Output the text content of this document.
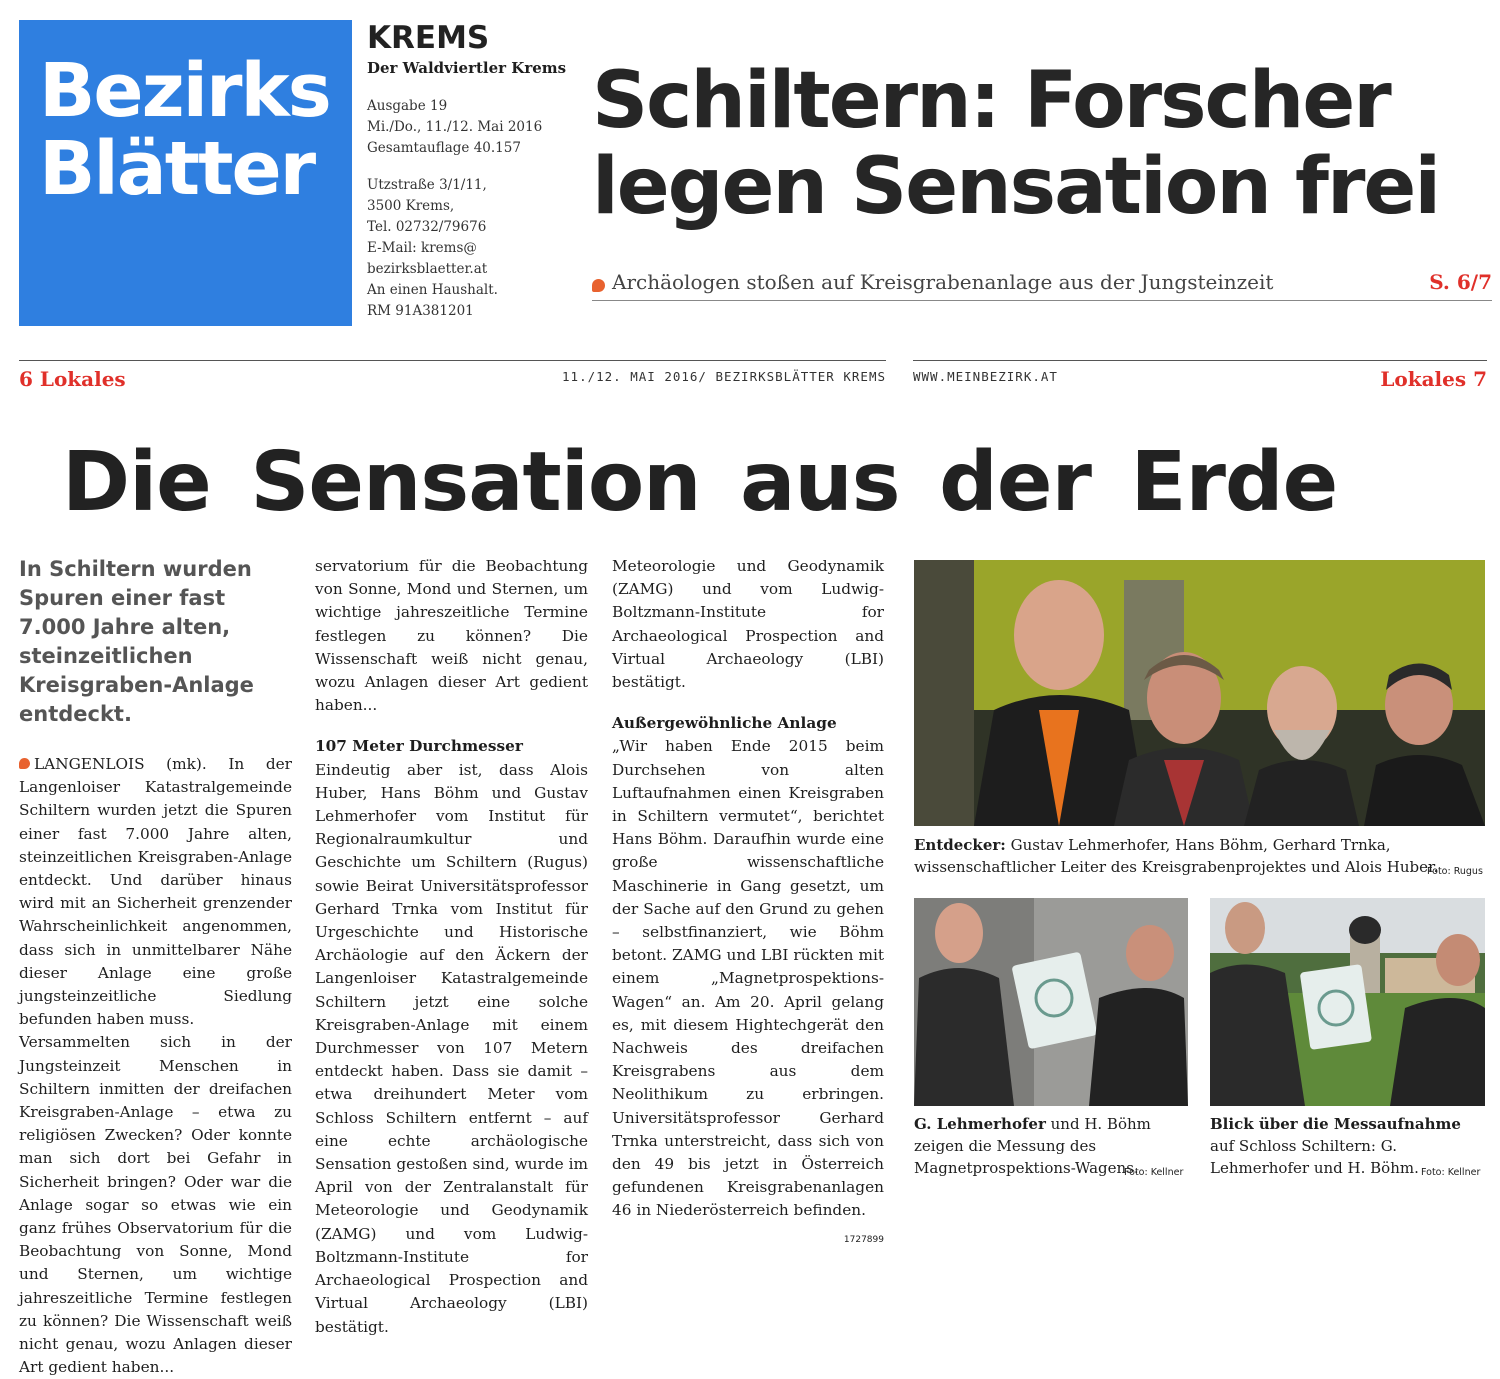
Bezirks
Blätter
KREMS
Der Waldviertler Krems
Ausgabe 19
Mi./Do., 11./12. Mai 2016
Gesamtauflage 40.157
Utzstraße 3/1/11,
3500 Krems,
Tel. 02732/79676
E-Mail: krems@
bezirksblaetter.at
An einen Haushalt.
RM 91A381201
Schiltern: Forscher
legen Sensation frei
Archäologen stoßen auf Kreisgrabenanlage aus der Jungsteinzeit	S. 6/7
6 Lokales	11./12. MAI 2016/ BEZIRKSBLÄTTER KREMS WWW.MEINBEZIRK.AT	Lokales 7
Die Sensation aus der Erde

In Schiltern wurden Spuren einer fast 7.000 Jahre alten, steinzeitlichen Kreisgraben-Anlage entdeckt.

LANGENLOIS (mk). In der Langenloiser Katastralgemeinde Schiltern wurden jetzt die Spuren einer fast 7.000 Jahre alten, steinzeitlichen Kreisgraben-Anlage entdeckt. Und darüber hinaus wird mit an Sicherheit grenzender Wahrscheinlichkeit angenommen, dass sich in unmittelbarer Nähe dieser Anlage eine große jungsteinzeitliche Siedlung befunden haben muss.

Versammelten sich in der Jungsteinzeit Menschen in Schiltern inmitten der dreifachen Kreisgraben-Anlage – etwa zu religiösen Zwecken? Oder konnte man sich dort bei Gefahr in Sicherheit bringen? Oder war die Anlage sogar so etwas wie ein ganz frühes Observatorium für die Beobachtung von Sonne, Mond und Sternen, um wichtige jahreszeitliche Termine festlegen zu können? Die Wissenschaft weiß nicht genau, wozu Anlagen dieser Art gedient haben...

servatorium für die Beobachtung von Sonne, Mond und Sternen, um wichtige jahreszeitliche Termine festlegen zu können? Die Wissenschaft weiß nicht genau, wozu Anlagen dieser Art gedient haben...

107 Meter Durchmesser

Eindeutig aber ist, dass Alois Huber, Hans Böhm und Gustav Lehmerhofer vom Institut für Regionalraumkultur und Geschichte um Schiltern (Rugus) sowie Beirat Universitätsprofessor Gerhard Trnka vom Institut für Urgeschichte und Historische Archäologie auf den Äckern der Langenloiser Katastralgemeinde Schiltern jetzt eine solche Kreisgraben-Anlage mit einem Durchmesser von 107 Metern entdeckt haben. Dass sie damit – etwa dreihundert Meter vom Schloss Schiltern entfernt – auf eine echte archäologische Sensation gestoßen sind, wurde im April von der Zentralanstalt für Meteorologie und Geodynamik (ZAMG) und vom Ludwig-Boltzmann-Institute for Archaeological Prospection and Virtual Archaeology (LBI) bestätigt.

Meteorologie und Geodynamik (ZAMG) und vom Ludwig-Boltzmann-Institute for Archaeological Prospection and Virtual Archaeology (LBI) bestätigt.

Außergewöhnliche Anlage

„Wir haben Ende 2015 beim Durchsehen von alten Luftaufnahmen einen Kreisgraben in Schiltern vermutet“, berichtet Hans Böhm. Daraufhin wurde eine große wissenschaftliche Maschinerie in Gang gesetzt, um der Sache auf den Grund zu gehen – selbstfinanziert, wie Böhm betont. ZAMG und LBI rückten mit einem „Magnetprospektions-Wagen“ an. Am 20. April gelang es, mit diesem Hightechgerät den Nachweis des dreifachen Kreisgrabens aus dem Neolithikum zu erbringen. Universitätsprofessor Gerhard Trnka unterstreicht, dass sich von den 49 bis jetzt in Österreich gefundenen Kreisgrabenanlagen 46 in Niederösterreich befinden.
1727899

Entdecker: Gustav Lehmerhofer, Hans Böhm, Gerhard Trnka, wissenschaftlicher Leiter des Kreisgrabenprojektes und Alois Huber.
Foto: Rugus
G. Lehmerhofer und H. Böhm zeigen die Messung des Magnetprospektions-Wagens.
Foto: Kellner
Blick über die Messaufnahme auf Schloss Schiltern: G. Lehmerhofer und H. Böhm. Foto: Kellner
